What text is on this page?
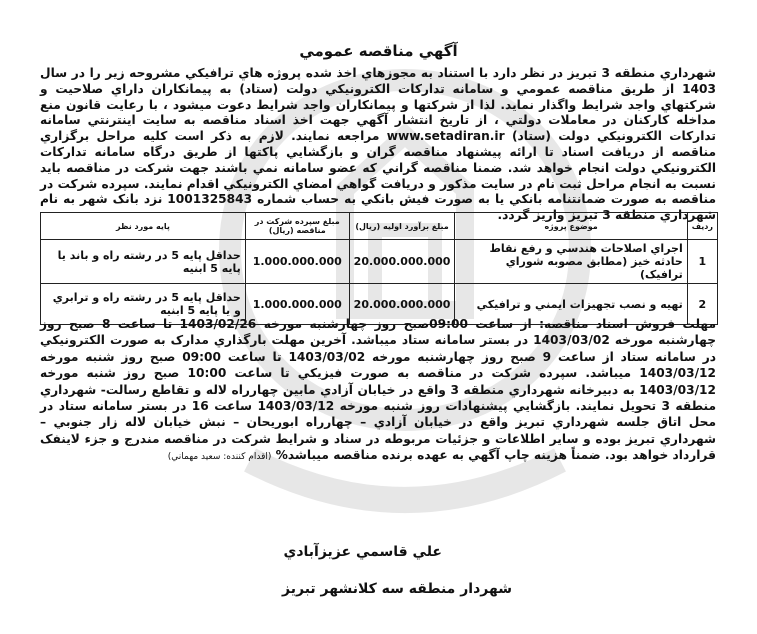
آگهي مناقصه عمومي

شهرداري منطقه 3 تبريز در نظر دارد با استناد به مجوزهاي اخذ شده پروژه هاي ترافيکي مشروحه زير را در سال 1403 از طريق مناقصه عمومي و سامانه تدارکات الکترونيکي دولت (ستاد) به پيمانکاران داراي صلاحيت و شرکتهاي واجد شرايط واگذار نمايد. لذا از شرکتها و پيمانکاران واجد شرايط دعوت ميشود ، با رعايت قانون منع مداخله کارکنان در معاملات دولتي ، از تاريخ انتشار آگهي جهت اخذ اسناد مناقصه به سايت اينترنتي سامانه تدارکات الکترونيکي دولت (ستاد) www.setadiran.ir مراجعه نمايند. لازم به ذکر است کليه مراحل برگزاري مناقصه از دريافت اسناد تا ارائه پيشنهاد مناقصه گران و بازگشايي پاکتها از طريق درگاه سامانه تدارکات الکترونيکي دولت انجام خواهد شد. ضمنا مناقصه گراني که عضو سامانه نمي باشند جهت شرکت در مناقصه بايد نسبت به انجام مراحل ثبت نام در سايت مذکور و دريافت گواهي امضاي الکترونيکي اقدام نمايند. سپرده شرکت در مناقصه به صورت ضمانتنامه بانکي يا به صورت فيش بانکي به حساب شماره 1001325843 نزد بانک شهر به نام شهرداري منطقه 3 تبريز واريز گردد.

رديف	موضوع پروژه	مبلغ برآورد اوليه (ريال)	مبلغ سپرده شرکت در مناقصه (ريال)	پايه مورد نظر
1	اجراي اصلاحات هندسي و رفع نقاط حادثه خيز (مطابق مصوبه شوراي ترافيک)	20.000.000.000	1.000.000.000	حداقل پايه 5 در رشته راه و باند يا پايه 5 ابنيه
2	تهيه و نصب تجهيزات ايمني و ترافيکي	20.000.000.000	1.000.000.000	حداقل پايه 5 در رشته راه و ترابري و يا پايه 5 ابنيه

مهلت فروش اسناد مناقصه: از ساعت 09:00صبح روز چهارشنبه مورخه 1403/02/26 تا ساعت 8 صبح روز چهارشنبه مورخه 1403/03/02 در بستر سامانه ستاد ميباشد. آخرين مهلت بارگذاري مدارک به صورت الکترونيکي در سامانه ستاد از ساعت 9 صبح روز چهارشنبه مورخه 1403/03/02 تا ساعت 09:00 صبح روز شنبه مورخه 1403/03/12 ميباشد. سپرده شرکت در مناقصه به صورت فيزيکي تا ساعت 10:00 صبح روز شنبه مورخه 1403/03/12 به دبيرخانه شهرداري منطقه 3 واقع در خيابان آزادي مابين چهارراه لاله و تقاطع رسالت- شهرداري منطقه 3 تحويل نمايند. بازگشايي پيشنهادات روز شنبه مورخه 1403/03/12 ساعت 16 در بستر سامانه ستاد در محل اتاق جلسه شهرداري تبريز واقع در خيابان آزادي – چهارراه ابوريحان – نبش خيابان لاله زار جنوبي – شهرداري تبريز بوده و ساير اطلاعات و جزئيات مربوطه در سناد و شرايط شرکت در مناقصه مندرج و جزء لاينفک قرارداد خواهد بود. ضمناً هزينه چاپ آگهي به عهده برنده مناقصه ميباشد% (اقدام کننده: سعيد مهماني)

علي قاسمي عزيزآبادي
شهردار منطقه سه کلانشهر تبريز
